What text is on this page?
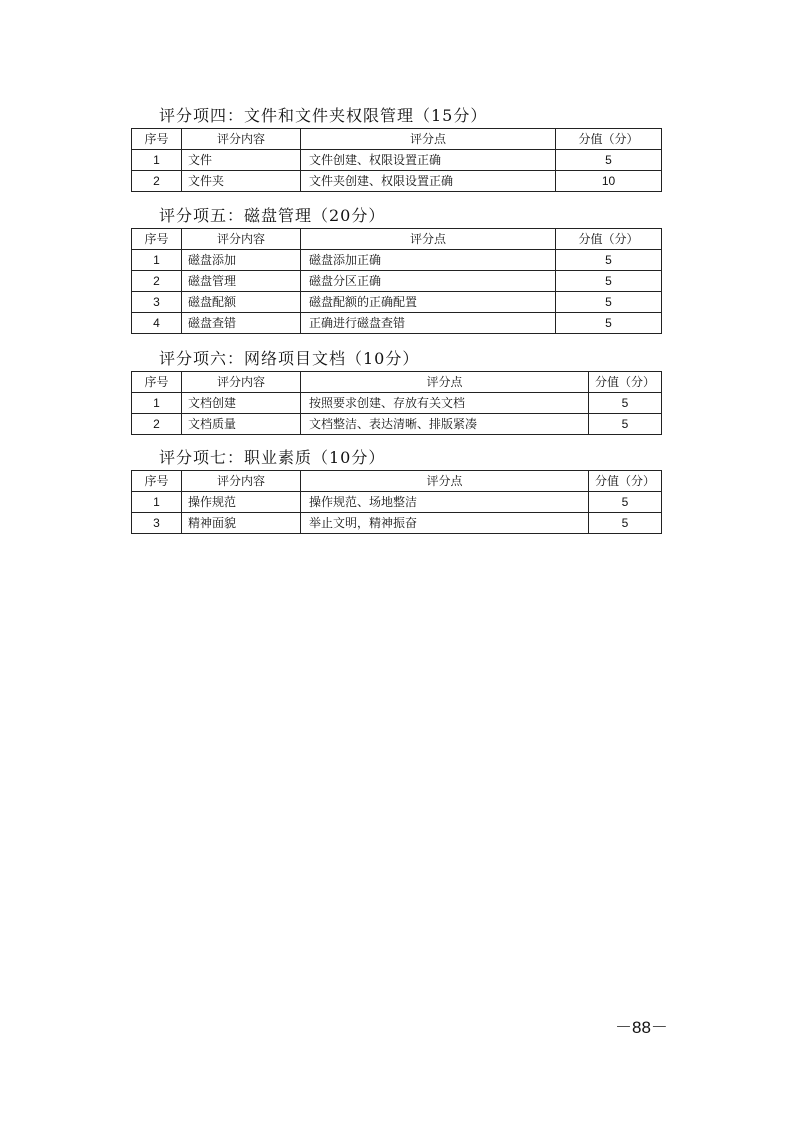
评分项四：文件和文件夹权限管理（15分）
序号	评分内容	评分点	分值（分）
1	文件	文件创建、权限设置正确	5
2	文件夹	文件夹创建、权限设置正确	10
评分项五：磁盘管理（20分）
序号	评分内容	评分点	分值（分）
1	磁盘添加	磁盘添加正确	5
2	磁盘管理	磁盘分区正确	5
3	磁盘配额	磁盘配额的正确配置	5
4	磁盘查错	正确进行磁盘查错	5
评分项六：网络项目文档（10分）
序号	评分内容	评分点	分值（分）
1	文档创建	按照要求创建、存放有关文档	5
2	文档质量	文档整洁、表达清晰、排版紧凑	5
评分项七：职业素质（10分）
序号	评分内容	评分点	分值（分）
1	操作规范	操作规范、场地整洁	5
3	精神面貌	举止文明，精神振奋	5
－88－
